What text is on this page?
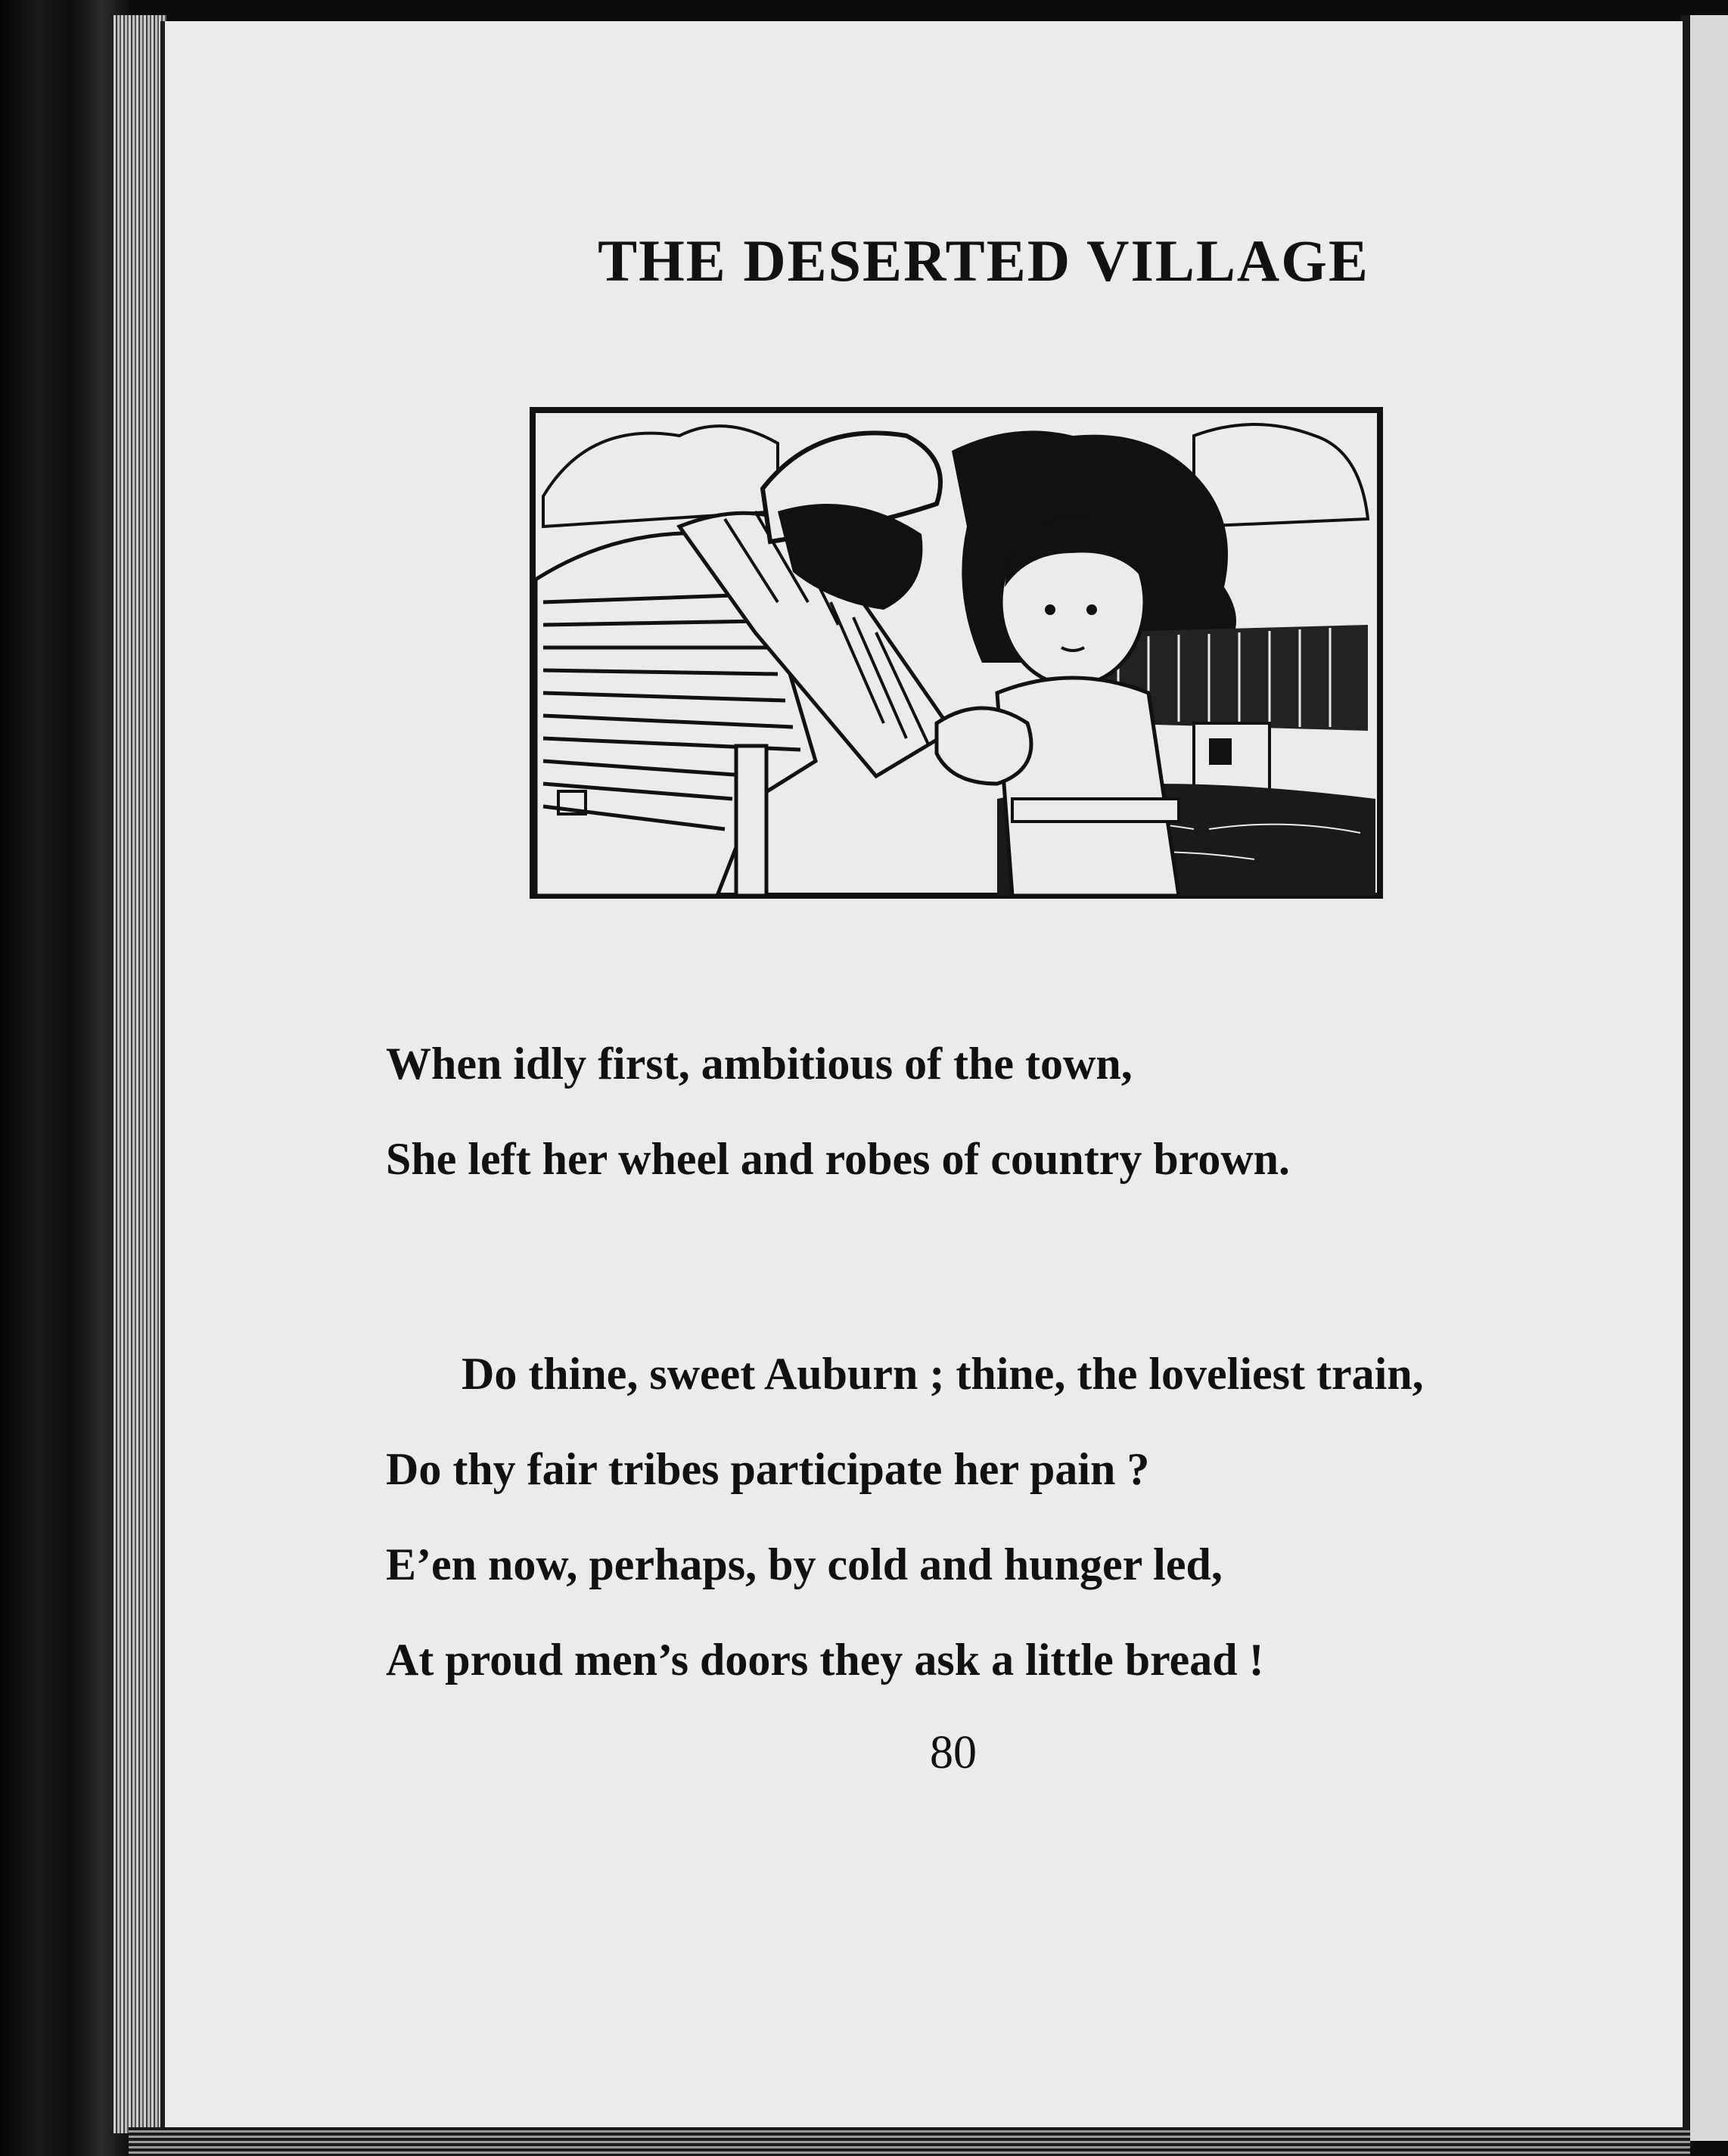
THE DESERTED VILLAGE
When idly first, ambitious of the town,
She left her wheel and robes of country brown.
Do thine, sweet Auburn ; thine, the loveliest train,
Do thy fair tribes participate her pain ?
E’en now, perhaps, by cold and hunger led,
At proud men’s doors they ask a little bread !
80
